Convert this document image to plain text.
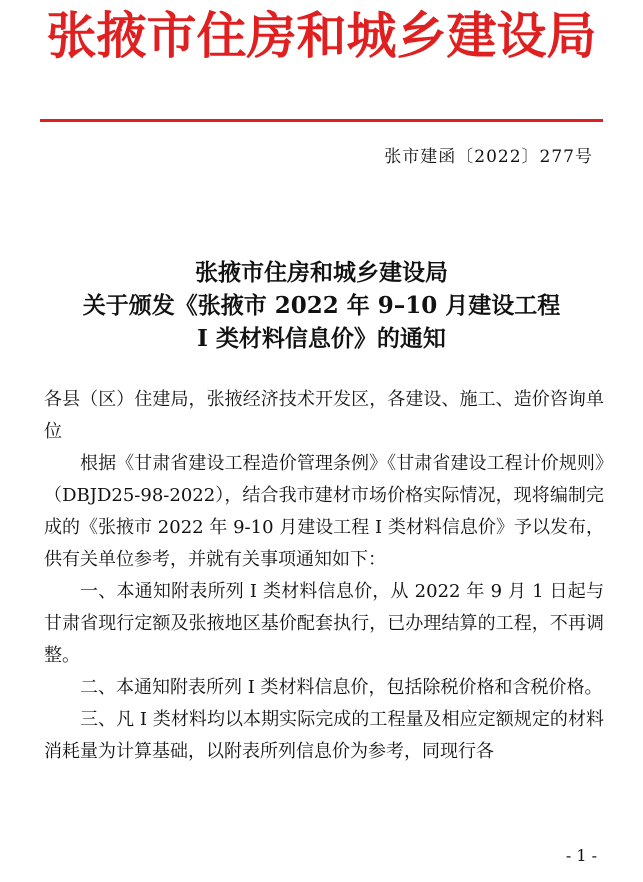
张掖市住房和城乡建设局
张市建函〔2022〕277号
张掖市住房和城乡建设局
关于颁发《张掖市 2022 年 9–10 月建设工程
I 类材料信息价》的通知

各县（区）住建局，张掖经济技术开发区，各建设、施工、造价咨询单位

根据《甘肃省建设工程造价管理条例》《甘肃省建设工程计价规则》（DBJD25-98-2022），结合我市建材市场价格实际情况，现将编制完成的《张掖市 2022 年 9-10 月建设工程 I 类材料信息价》予以发布，供有关单位参考，并就有关事项通知如下：

一、本通知附表所列 I 类材料信息价，从 2022 年 9 月 1 日起与甘肃省现行定额及张掖地区基价配套执行，已办理结算的工程，不再调整。

二、本通知附表所列 I 类材料信息价，包括除税价格和含税价格。

三、凡 I 类材料均以本期实际完成的工程量及相应定额规定的材料消耗量为计算基础，以附表所列信息价为参考，同现行各

- 1 -
